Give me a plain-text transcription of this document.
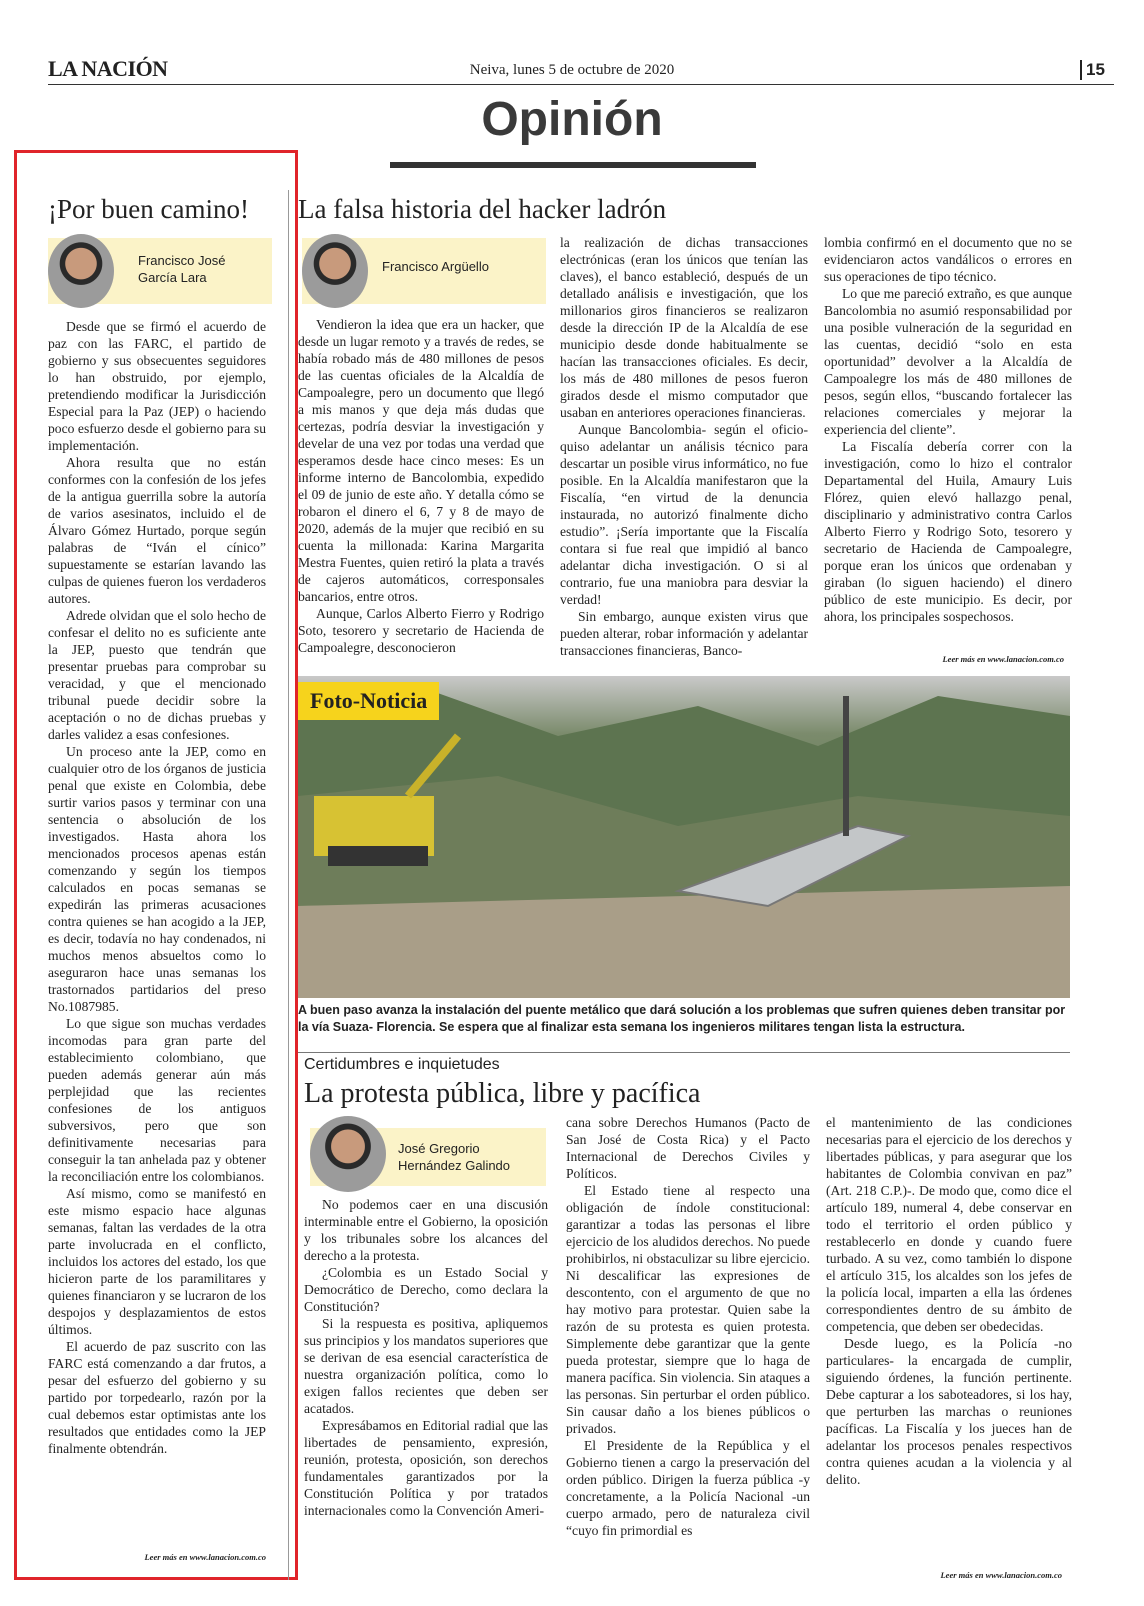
LA NACIÓN	Neiva, lunes 5 de octubre de 2020	15
Opinión
¡Por buen camino!
Francisco José García Lara

Desde que se firmó el acuerdo de paz con las FARC, el partido de gobierno y sus obsecuentes seguidores lo han obstruido, por ejemplo, pretendiendo modificar la Jurisdicción Especial para la Paz (JEP) o haciendo poco esfuerzo desde el gobierno para su implementación.

Ahora resulta que no están conformes con la confesión de los jefes de la antigua guerrilla sobre la autoría de varios asesinatos, incluido el de Álvaro Gómez Hurtado, porque según palabras de “Iván el cínico” supuestamente se estarían lavando las culpas de quienes fueron los verdaderos autores.

Adrede olvidan que el solo hecho de confesar el delito no es suficiente ante la JEP, puesto que tendrán que presentar pruebas para comprobar su veracidad, y que el mencionado tribunal puede decidir sobre la aceptación o no de dichas pruebas y darles validez a esas confesiones.

Un proceso ante la JEP, como en cualquier otro de los órganos de justicia penal que existe en Colombia, debe surtir varios pasos y terminar con una sentencia o absolución de los investigados. Hasta ahora los mencionados procesos apenas están comenzando y según los tiempos calculados en pocas semanas se expedirán las primeras acusaciones contra quienes se han acogido a la JEP, es decir, todavía no hay condenados, ni muchos menos absueltos como lo aseguraron hace unas semanas los trastornados partidarios del preso No.1087985.

Lo que sigue son muchas verdades incomodas para gran parte del establecimiento colombiano, que pueden además generar aún más perplejidad que las recientes confesiones de los antiguos subversivos, pero que son definitivamente necesarias para conseguir la tan anhelada paz y obtener la reconciliación entre los colombianos.

Así mismo, como se manifestó en este mismo espacio hace algunas semanas, faltan las verdades de la otra parte involucrada en el conflicto, incluidos los actores del estado, los que hicieron parte de los paramilitares y quienes financiaron y se lucraron de los despojos y desplazamientos de estos últimos.

El acuerdo de paz suscrito con las FARC está comenzando a dar frutos, a pesar del esfuerzo del gobierno y su partido por torpedearlo, razón por la cual debemos estar optimistas ante los resultados que entidades como la JEP finalmente obtendrán.

Leer más en www.lanacion.com.co
La falsa historia del hacker ladrón
Francisco Argüello

Vendieron la idea que era un hacker, que desde un lugar remoto y a través de redes, se había robado más de 480 millones de pesos de las cuentas oficiales de la Alcaldía de Campoalegre, pero un documento que llegó a mis manos y que deja más dudas que certezas, podría desviar la investigación y develar de una vez por todas una verdad que esperamos desde hace cinco meses: Es un informe interno de Bancolombia, expedido el 09 de junio de este año. Y detalla cómo se robaron el dinero el 6, 7 y 8 de mayo de 2020, además de la mujer que recibió en su cuenta la millonada: Karina Margarita Mestra Fuentes, quien retiró la plata a través de cajeros automáticos, corresponsales bancarios, entre otros.

Aunque, Carlos Alberto Fierro y Rodrigo Soto, tesorero y secretario de Hacienda de Campoalegre, desconocieron

la realización de dichas transacciones electrónicas (eran los únicos que tenían las claves), el banco estableció, después de un detallado análisis e investigación, que los millonarios giros financieros se realizaron desde la dirección IP de la Alcaldía de ese municipio desde donde habitualmente se hacían las transacciones oficiales. Es decir, los más de 480 millones de pesos fueron girados desde el mismo computador que usaban en anteriores operaciones financieras.

Aunque Bancolombia- según el oficio- quiso adelantar un análisis técnico para descartar un posible virus informático, no fue posible. En la Alcaldía manifestaron que la Fiscalía, “en virtud de la denuncia instaurada, no autorizó finalmente dicho estudio”. ¡Sería importante que la Fiscalía contara si fue real que impidió al banco adelantar dicha investigación. O si al contrario, fue una maniobra para desviar la verdad!

Sin embargo, aunque existen virus que pueden alterar, robar información y adelantar transacciones financieras, Banco-

lombia confirmó en el documento que no se evidenciaron actos vandálicos o errores en sus operaciones de tipo técnico.

Lo que me pareció extraño, es que aunque Bancolombia no asumió responsabilidad por una posible vulneración de la seguridad en las cuentas, decidió “solo en esta oportunidad” devolver a la Alcaldía de Campoalegre los más de 480 millones de pesos, según ellos, “buscando fortalecer las relaciones comerciales y mejorar la experiencia del cliente”.

La Fiscalía debería correr con la investigación, como lo hizo el contralor Departamental del Huila, Amaury Luis Flórez, quien elevó hallazgo penal, disciplinario y administrativo contra Carlos Alberto Fierro y Rodrigo Soto, tesorero y secretario de Hacienda de Campoalegre, porque eran los únicos que ordenaban y giraban (lo siguen haciendo) el dinero público de este municipio. Es decir, por ahora, los principales sospechosos.

Leer más en www.lanacion.com.co
Foto-Noticia
A buen paso avanza la instalación del puente metálico que dará solución a los problemas que sufren quienes deben transitar por la vía Suaza- Florencia. Se espera que al finalizar esta semana los ingenieros militares tengan lista la estructura.
Certidumbres e inquietudes
La protesta pública, libre y pacífica
José Gregorio Hernández Galindo

No podemos caer en una discusión interminable entre el Gobierno, la oposición y los tribunales sobre los alcances del derecho a la protesta.

¿Colombia es un Estado Social y Democrático de Derecho, como declara la Constitución?

Si la respuesta es positiva, apliquemos sus principios y los mandatos superiores que se derivan de esa esencial característica de nuestra organización política, como lo exigen fallos recientes que deben ser acatados.

Expresábamos en Editorial radial que las libertades de pensamiento, expresión, reunión, protesta, oposición, son derechos fundamentales garantizados por la Constitución Política y por tratados internacionales como la Convención Ameri-

cana sobre Derechos Humanos (Pacto de San José de Costa Rica) y el Pacto Internacional de Derechos Civiles y Políticos.

El Estado tiene al respecto una obligación de índole constitucional: garantizar a todas las personas el libre ejercicio de los aludidos derechos. No puede prohibirlos, ni obstaculizar su libre ejercicio. Ni descalificar las expresiones de descontento, con el argumento de que no hay motivo para protestar. Quien sabe la razón de su protesta es quien protesta. Simplemente debe garantizar que la gente pueda protestar, siempre que lo haga de manera pacífica. Sin violencia. Sin ataques a las personas. Sin perturbar el orden público. Sin causar daño a los bienes públicos o privados.

El Presidente de la República y el Gobierno tienen a cargo la preservación del orden público. Dirigen la fuerza pública -y concretamente, a la Policía Nacional -un cuerpo armado, pero de naturaleza civil “cuyo fin primordial es

el mantenimiento de las condiciones necesarias para el ejercicio de los derechos y libertades públicas, y para asegurar que los habitantes de Colombia convivan en paz” (Art. 218 C.P.)-. De modo que, como dice el artículo 189, numeral 4, debe conservar en todo el territorio el orden público y restablecerlo en donde y cuando fuere turbado. A su vez, como también lo dispone el artículo 315, los alcaldes son los jefes de la policía local, imparten a ella las órdenes correspondientes dentro de su ámbito de competencia, que deben ser obedecidas.

Desde luego, es la Policía -no particulares- la encargada de cumplir, siguiendo órdenes, la función pertinente. Debe capturar a los saboteadores, si los hay, que perturben las marchas o reuniones pacíficas. La Fiscalía y los jueces han de adelantar los procesos penales respectivos contra quienes acudan a la violencia y al delito.

Leer más en www.lanacion.com.co
